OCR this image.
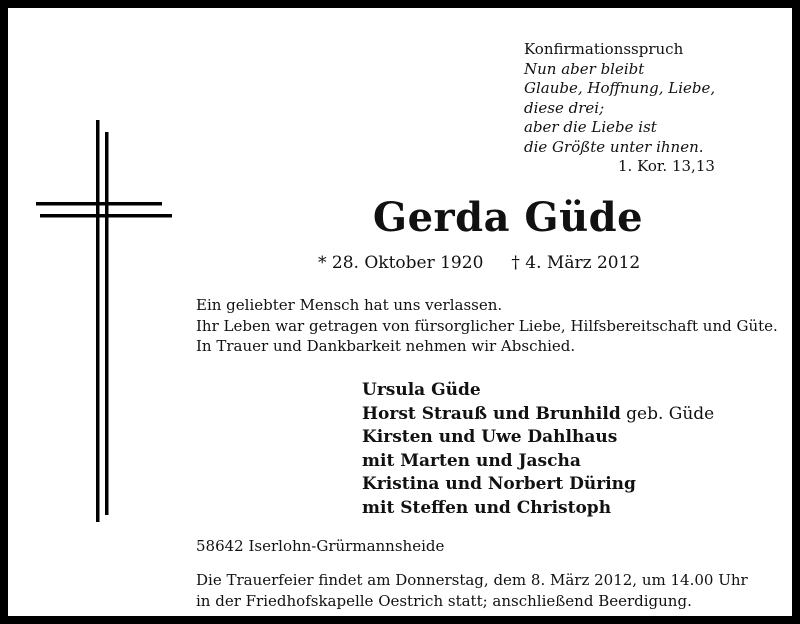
Konfirmationsspruch
Nun aber bleibt
Glaube, Hoffnung, Liebe,
diese drei;
aber die Liebe ist
die Größte unter ihnen.
1. Kor. 13,13
Gerda Güde
* 28. Oktober 1920 † 4. März 2012
Ein geliebter Mensch hat uns verlassen.
Ihr Leben war getragen von fürsorglicher Liebe, Hilfsbereitschaft und Güte.
In Trauer und Dankbarkeit nehmen wir Abschied.
Ursula Güde
Horst Strauß und Brunhild geb. Güde
Kirsten und Uwe Dahlhaus
mit Marten und Jascha
Kristina und Norbert Düring
mit Steffen und Christoph
58642 Iserlohn-Grürmannsheide
Die Trauerfeier findet am Donnerstag, dem 8. März 2012, um 14.00 Uhr
in der Friedhofskapelle Oestrich statt; anschließend Beerdigung.
